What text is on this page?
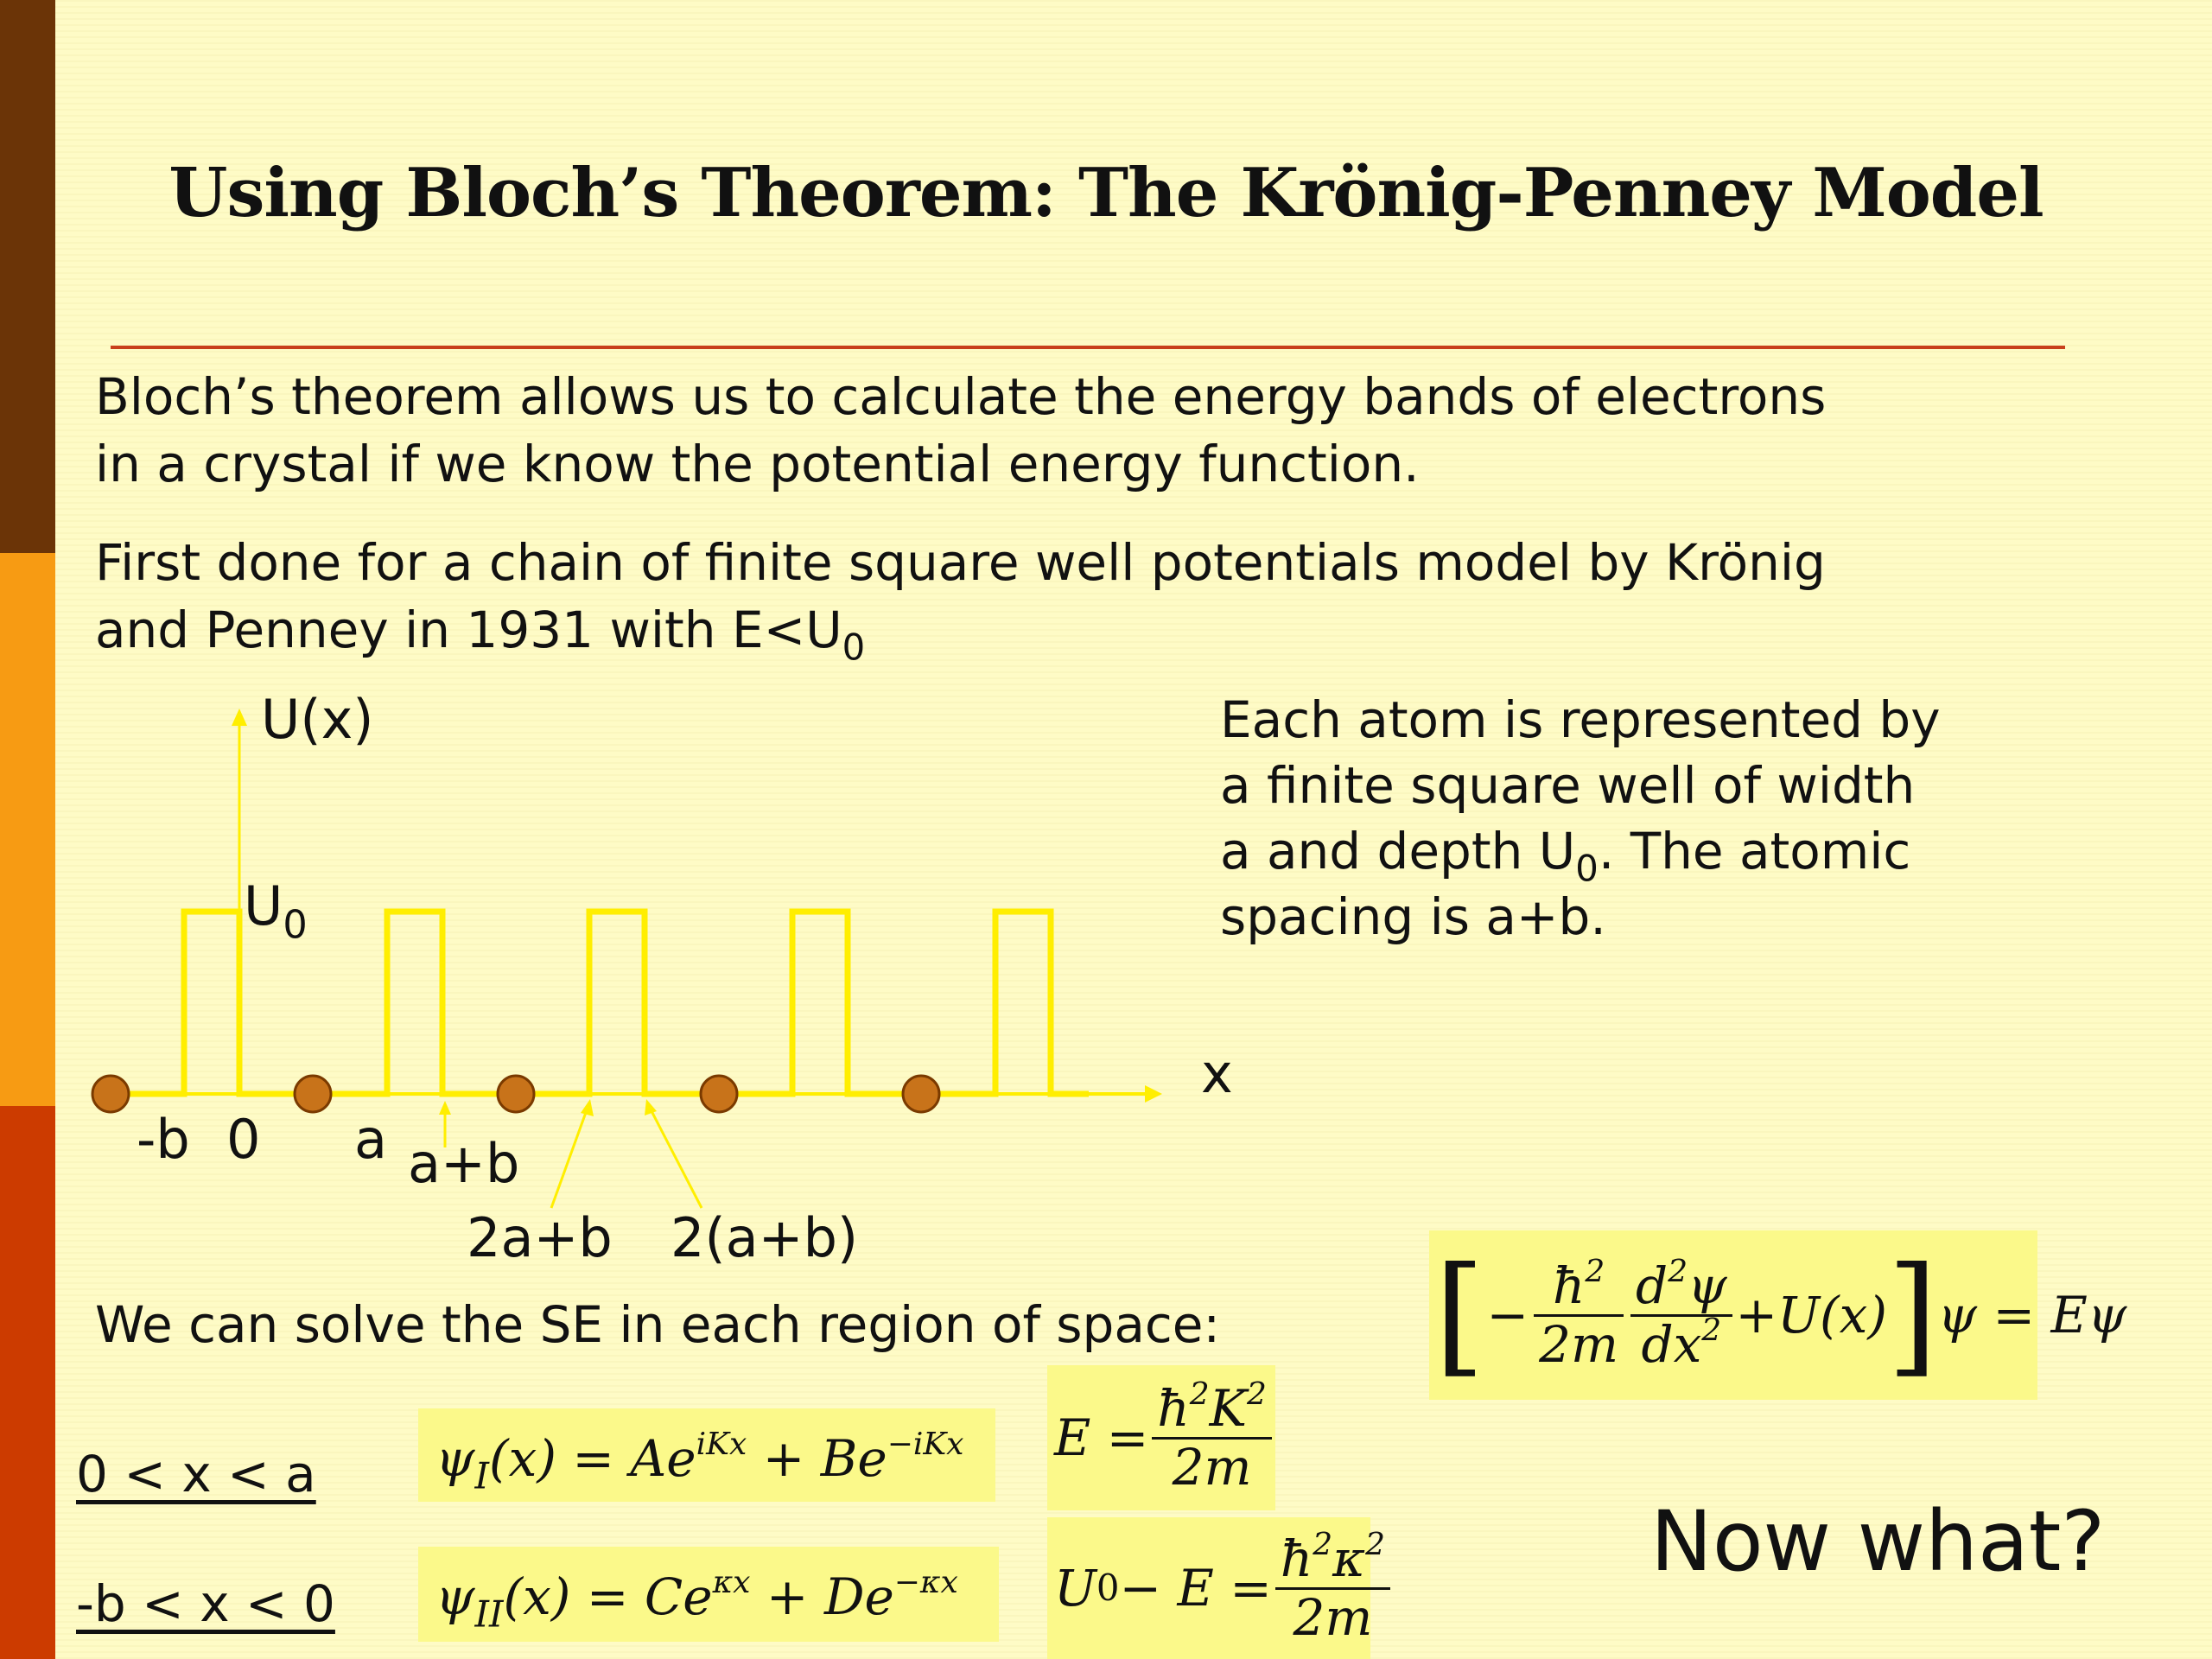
Using Bloch’s Theorem: The Krönig-Penney Model
Bloch’s theorem allows us to calculate the energy bands of electrons
in a crystal if we know the potential energy function.
First done for a chain of finite square well potentials model by Krönig
and Penney in 1931 with $E<U_0$
U(x)
$U_0$
x
-b 0 a a+b
2a+b 2(a+b)
Each atom is represented by
a finite square well of width
a and depth $U_0$. The atomic
spacing is a+b.
[ − $\frac{ħ^2}{2m} \frac{d^2\psi}{dx^2} +U(x)$ ] ψ = Eψ
We can solve the SE in each region of space:
0 < x < a $\psi_I(x) = Ae^{iKx} + Be^{-iKx}$ $E = \frac{ħ^2K^2}{2m}$
-b < x < 0 $\psi_{II}(x) = Ce^{\kappa x} + De^{-\kappa x}$ U $0 - E = \frac{ħ^2\kappa^2}{2m}$	Now what?
